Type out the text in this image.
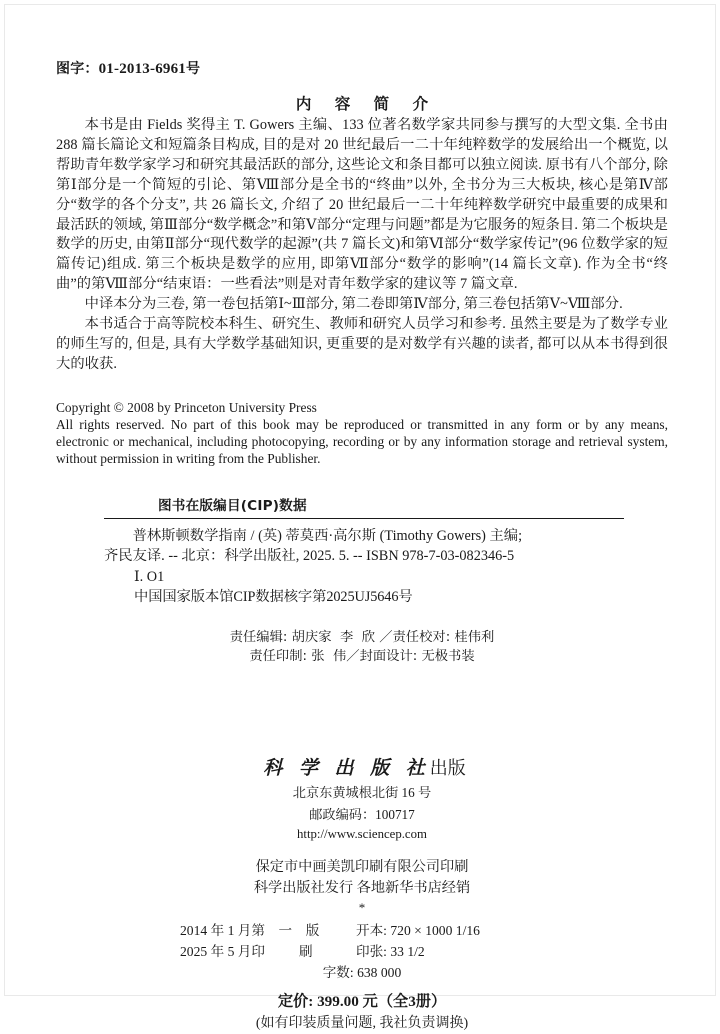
图字：01-2013-6961号
内 容 简 介

本书是由 Fields 奖得主 T. Gowers 主编、133 位著名数学家共同参与撰写的大型文集. 全书由 288 篇长篇论文和短篇条目构成, 目的是对 20 世纪最后一二十年纯粹数学的发展给出一个概览, 以帮助青年数学家学习和研究其最活跃的部分, 这些论文和条目都可以独立阅读. 原书有八个部分, 除第Ⅰ部分是一个简短的引论、第Ⅷ部分是全书的“终曲”以外, 全书分为三大板块, 核心是第Ⅳ部分“数学的各个分支”, 共 26 篇长文, 介绍了 20 世纪最后一二十年纯粹数学研究中最重要的成果和最活跃的领域, 第Ⅲ部分“数学概念”和第Ⅴ部分“定理与问题”都是为它服务的短条目. 第二个板块是数学的历史, 由第Ⅱ部分“现代数学的起源”(共 7 篇长文)和第Ⅵ部分“数学家传记”(96 位数学家的短篇传记)组成. 第三个板块是数学的应用, 即第Ⅶ部分“数学的影响”(14 篇长文章). 作为全书“终曲”的第Ⅷ部分“结束语：一些看法”则是对青年数学家的建议等 7 篇文章.

中译本分为三卷, 第一卷包括第Ⅰ~Ⅲ部分, 第二卷即第Ⅳ部分, 第三卷包括第Ⅴ~Ⅷ部分.

本书适合于高等院校本科生、研究生、教师和研究人员学习和参考. 虽然主要是为了数学专业的师生写的, 但是, 具有大学数学基础知识, 更重要的是对数学有兴趣的读者, 都可以从本书得到很大的收获.

Copyright © 2008 by Princeton University Press
All rights reserved. No part of this book may be reproduced or transmitted in any form or by any means, electronic or mechanical, including photocopying, recording or by any information storage and retrieval system, without permission in writing from the Publisher.
图书在版编目(CIP)数据
普林斯顿数学指南 / (英) 蒂莫西·高尔斯 (Timothy Gowers) 主编;
齐民友译. -- 北京：科学出版社, 2025. 5. -- ISBN 978-7-03-082346-5
Ⅰ. O1
中国国家版本馆CIP数据核字第2025UJ5646号
责任编辑: 胡庆家  李  欣 ／责任校对: 桂伟利
责任印制: 张  伟／封面设计: 无极书装
科 学 出 版 社出版
北京东黄城根北街 16 号
邮政编码：100717
http://www.sciencep.com
保定市中画美凯印刷有限公司印刷
科学出版社发行 各地新华书店经销
*
2014 年 1 月第    一    版	开本: 720 × 1000 1/16
2025 年 5 月印          刷	印张: 33 1/2
字数: 638 000
定价: 399.00 元（全3册）
(如有印装质量问题, 我社负责调换)
